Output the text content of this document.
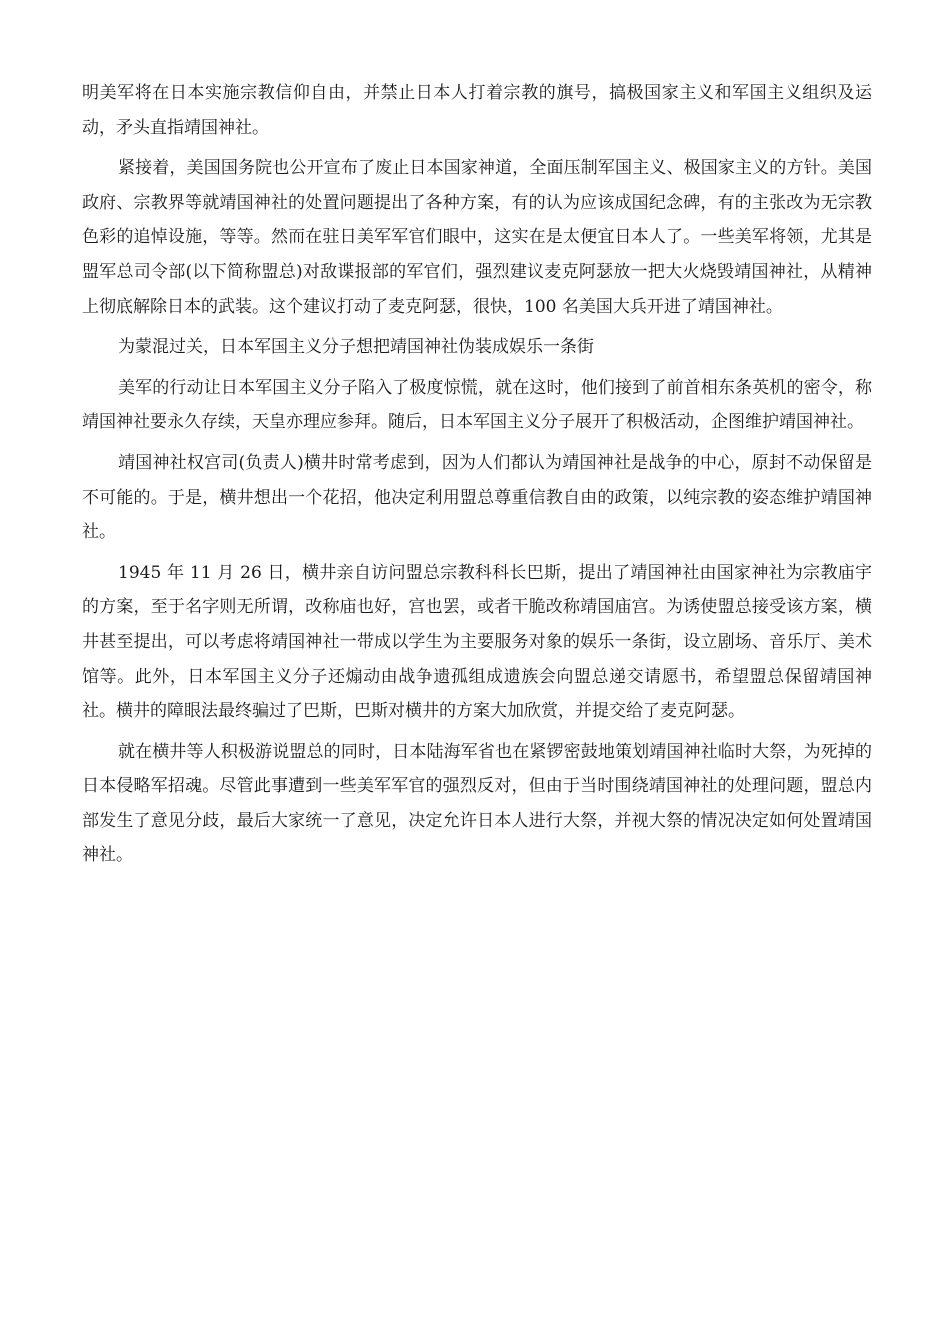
明美军将在日本实施宗教信仰自由，并禁止日本人打着宗教的旗号，搞极国家主义和军国主义组织及运动，矛头直指靖国神社。

紧接着，美国国务院也公开宣布了废止日本国家神道，全面压制军国主义、极国家主义的方针。美国政府、宗教界等就靖国神社的处置问题提出了各种方案，有的认为应该成国纪念碑，有的主张改为无宗教色彩的追悼设施，等等。然而在驻日美军军官们眼中，这实在是太便宜日本人了。一些美军将领，尤其是盟军总司令部(以下简称盟总)对敌谍报部的军官们，强烈建议麦克阿瑟放一把大火烧毁靖国神社，从精神上彻底解除日本的武装。这个建议打动了麦克阿瑟，很快，100 名美国大兵开进了靖国神社。

为蒙混过关，日本军国主义分子想把靖国神社伪装成娱乐一条街

美军的行动让日本军国主义分子陷入了极度惊慌，就在这时，他们接到了前首相东条英机的密令，称靖国神社要永久存续，天皇亦理应参拜。随后，日本军国主义分子展开了积极活动，企图维护靖国神社。

靖国神社权宫司(负责人)横井时常考虑到，因为人们都认为靖国神社是战争的中心，原封不动保留是不可能的。于是，横井想出一个花招，他决定利用盟总尊重信教自由的政策，以纯宗教的姿态维护靖国神社。

1945 年 11 月 26 日，横井亲自访问盟总宗教科科长巴斯，提出了靖国神社由国家神社为宗教庙宇的方案，至于名字则无所谓，改称庙也好，宫也罢，或者干脆改称靖国庙宫。为诱使盟总接受该方案，横井甚至提出，可以考虑将靖国神社一带成以学生为主要服务对象的娱乐一条街，设立剧场、音乐厅、美术馆等。此外，日本军国主义分子还煽动由战争遗孤组成遗族会向盟总递交请愿书，希望盟总保留靖国神社。横井的障眼法最终骗过了巴斯，巴斯对横井的方案大加欣赏，并提交给了麦克阿瑟。

就在横井等人积极游说盟总的同时，日本陆海军省也在紧锣密鼓地策划靖国神社临时大祭，为死掉的日本侵略军招魂。尽管此事遭到一些美军军官的强烈反对，但由于当时围绕靖国神社的处理问题，盟总内部发生了意见分歧，最后大家统一了意见，决定允许日本人进行大祭，并视大祭的情况决定如何处置靖国神社。
